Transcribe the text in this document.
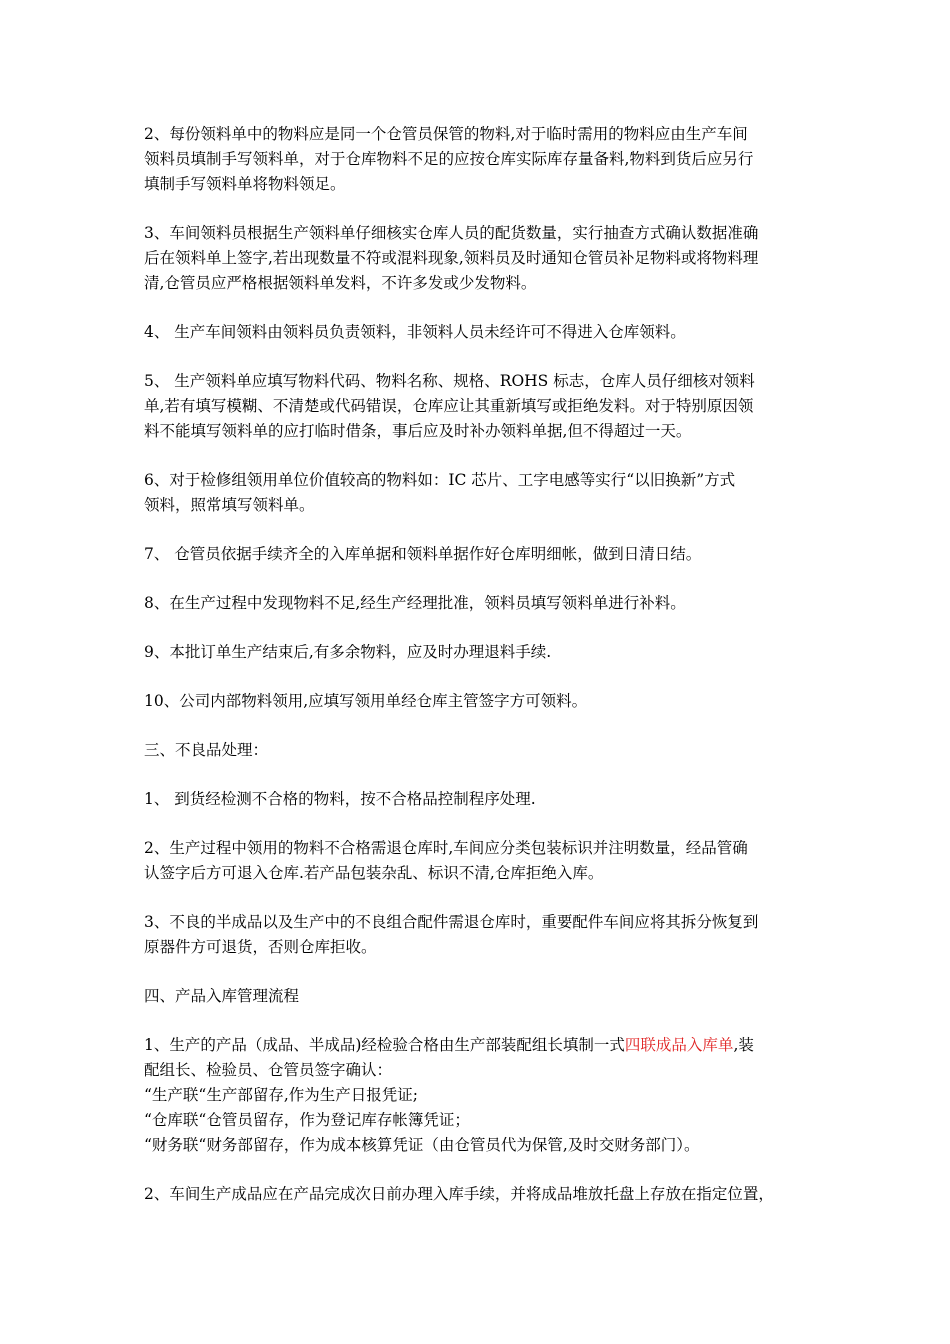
2、每份领料单中的物料应是同一个仓管员保管的物料,对于临时需用的物料应由生产车间
领料员填制手写领料单，对于仓库物料不足的应按仓库实际库存量备料,物料到货后应另行
填制手写领料单将物料领足。

3、车间领料员根据生产领料单仔细核实仓库人员的配货数量，实行抽查方式确认数据准确
后在领料单上签字,若出现数量不符或混料现象,领料员及时通知仓管员补足物料或将物料理
清,仓管员应严格根据领料单发料，不许多发或少发物料。

4、 生产车间领料由领料员负责领料，非领料人员未经许可不得进入仓库领料。

5、 生产领料单应填写物料代码、物料名称、规格、ROHS 标志，仓库人员仔细核对领料
单,若有填写模糊、不清楚或代码错误，仓库应让其重新填写或拒绝发料。对于特别原因领
料不能填写领料单的应打临时借条，事后应及时补办领料单据,但不得超过一天。

6、对于检修组领用单位价值较高的物料如：IC 芯片、工字电感等实行“以旧换新”方式
领料，照常填写领料单。

7、 仓管员依据手续齐全的入库单据和领料单据作好仓库明细帐，做到日清日结。

8、在生产过程中发现物料不足,经生产经理批准，领料员填写领料单进行补料。

9、本批订单生产结束后,有多余物料，应及时办理退料手续.

10、公司内部物料领用,应填写领用单经仓库主管签字方可领料。

三、不良品处理：

1、 到货经检测不合格的物料，按不合格品控制程序处理.

2、生产过程中领用的物料不合格需退仓库时,车间应分类包装标识并注明数量，经品管确
认签字后方可退入仓库.若产品包装杂乱、标识不清,仓库拒绝入库。

3、不良的半成品以及生产中的不良组合配件需退仓库时，重要配件车间应将其拆分恢复到
原器件方可退货，否则仓库拒收。

四、产品入库管理流程

1、生产的产品（成品、半成品)经检验合格由生产部装配组长填制一式四联成品入库单,装
配组长、检验员、仓管员签字确认：
“生产联“生产部留存,作为生产日报凭证;
“仓库联“仓管员留存，作为登记库存帐簿凭证；
“财务联“财务部留存，作为成本核算凭证（由仓管员代为保管,及时交财务部门）。

2、车间生产成品应在产品完成次日前办理入库手续，并将成品堆放托盘上存放在指定位置，
